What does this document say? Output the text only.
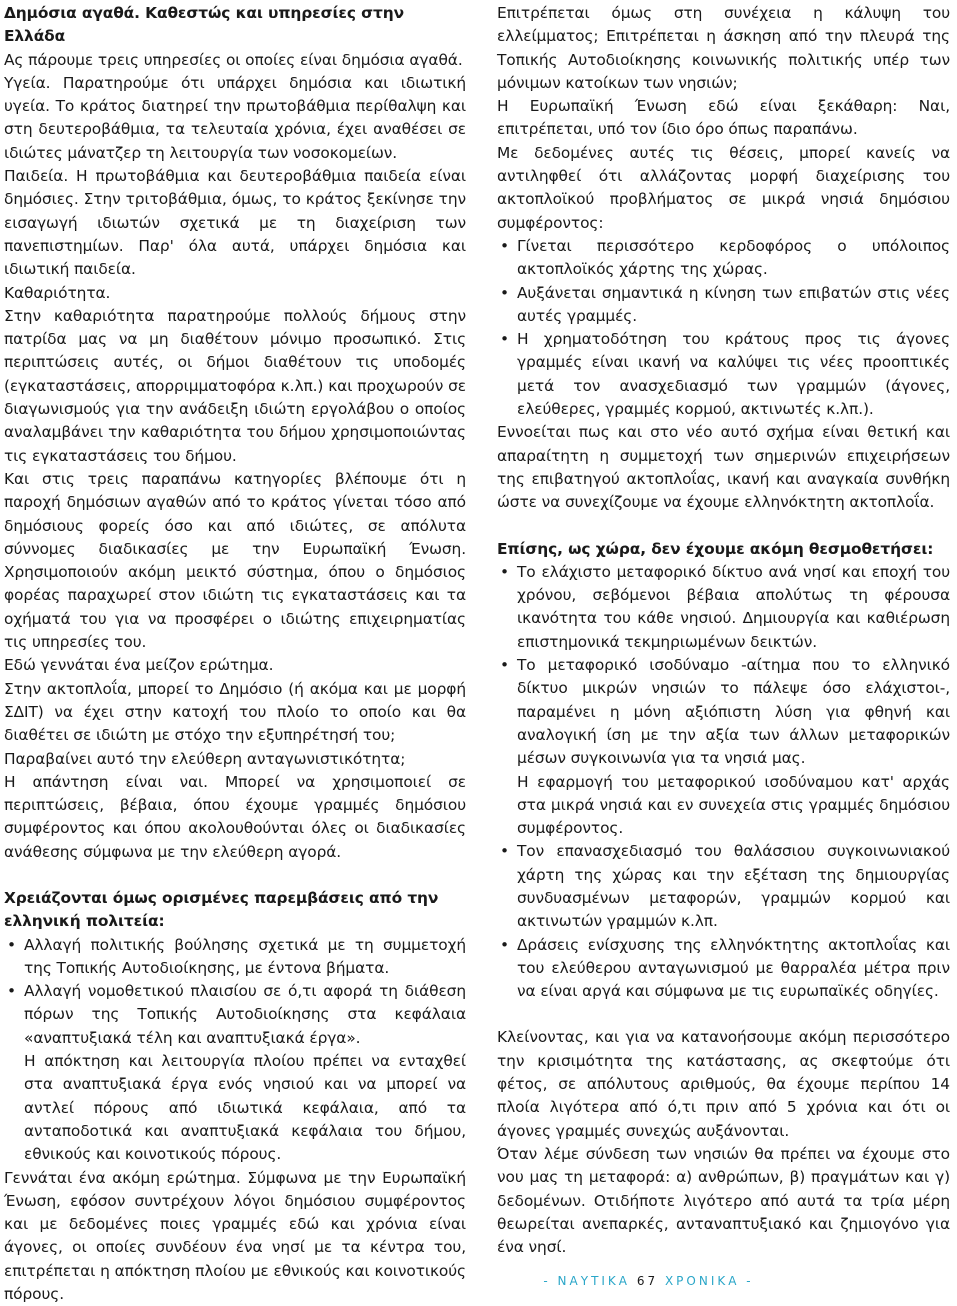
Δημόσια αγαθά. Καθεστώς και υπηρεσίες στην Ελλάδα

Ας πάρουμε τρεις υπηρεσίες οι οποίες είναι δημόσια αγαθά.

Υγεία. Παρατηρούμε ότι υπάρχει δημόσια και ιδιωτική υγεία. Το κράτος διατηρεί την πρωτοβάθμια περίθαλψη και στη δευτεροβάθμια, τα τελευταία χρόνια, έχει αναθέσει σε ιδιώτες μάνατζερ τη λειτουργία των νοσοκομείων.

Παιδεία. Η πρωτοβάθμια και δευτεροβάθμια παιδεία είναι δημόσιες. Στην τριτοβάθμια, όμως, το κράτος ξεκίνησε την εισαγωγή ιδιωτών σχετικά με τη διαχείριση των πανεπιστημίων. Παρ' όλα αυτά, υπάρχει δημόσια και ιδιωτική παιδεία.

Καθαριότητα.

Στην καθαριότητα παρατηρούμε πολλούς δήμους στην πατρίδα μας να μη διαθέτουν μόνιμο προσωπικό. Στις περιπτώσεις αυτές, οι δήμοι διαθέτουν τις υποδομές (εγκαταστάσεις, απορριμματοφόρα κ.λπ.) και προχωρούν σε διαγωνισμούς για την ανάδειξη ιδιώτη εργολάβου ο οποίος αναλαμβάνει την καθαριότητα του δήμου χρησιμοποιώντας τις εγκαταστάσεις του δήμου.

Και στις τρεις παραπάνω κατηγορίες βλέπουμε ότι η παροχή δημόσιων αγαθών από το κράτος γίνεται τόσο από δημόσιους φορείς όσο και από ιδιώτες, σε απόλυτα σύννομες διαδικασίες με την Ευρωπαϊκή Ένωση. Χρησιμοποιούν ακόμη μεικτό σύστημα, όπου ο δημόσιος φορέας παραχωρεί στον ιδιώτη τις εγκαταστάσεις και τα οχήματά του για να προσφέρει ο ιδιώτης επιχειρηματίας τις υπηρεσίες του.

Εδώ γεννάται ένα μείζον ερώτημα.

Στην ακτοπλοΐα, μπορεί το Δημόσιο (ή ακόμα και με μορφή ΣΔΙΤ) να έχει στην κατοχή του πλοίο το οποίο και θα διαθέτει σε ιδιώτη με στόχο την εξυπηρέτησή του;

Παραβαίνει αυτό την ελεύθερη ανταγωνιστικότητα;

Η απάντηση είναι ναι. Μπορεί να χρησιμοποιεί σε περιπτώσεις, βέβαια, όπου έχουμε γραμμές δημόσιου συμφέροντος και όπου ακολουθούνται όλες οι διαδικασίες ανάθεσης σύμφωνα με την ελεύθερη αγορά.

Χρειάζονται όμως ορισμένες παρεμβάσεις από την ελληνική πολιτεία:
• Αλλαγή πολιτικής βούλησης σχετικά με τη συμμετοχή της Τοπικής Αυτοδιοίκησης, με έντονα βήματα.
• Αλλαγή νομοθετικού πλαισίου σε ό,τι αφορά τη διάθεση πόρων της Τοπικής Αυτοδιοίκησης στα κεφάλαια «αναπτυξιακά τέλη και αναπτυξιακά έργα».

Η απόκτηση και λειτουργία πλοίου πρέπει να ενταχθεί στα αναπτυξιακά έργα ενός νησιού και να μπορεί να αντλεί πόρους από ιδιωτικά κεφάλαια, από τα ανταποδοτικά και αναπτυξιακά κεφάλαια του δήμου, εθνικούς και κοινοτικούς πόρους.

Γεννάται ένα ακόμη ερώτημα. Σύμφωνα με την Ευρωπαϊκή Ένωση, εφόσον συντρέχουν λόγοι δημόσιου συμφέροντος και με δεδομένες ποιες γραμμές εδώ και χρόνια είναι άγονες, οι οποίες συνδέουν ένα νησί με τα κέντρα του, επιτρέπεται η απόκτηση πλοίου με εθνικούς και κοινοτικούς πόρους.

Επιτρέπεται όμως στη συνέχεια η κάλυψη του ελλείμματος; Επιτρέπεται η άσκηση από την πλευρά της Τοπικής Αυτοδιοίκησης κοινωνικής πολιτικής υπέρ των μόνιμων κατοίκων των νησιών;

Η Ευρωπαϊκή Ένωση εδώ είναι ξεκάθαρη: Ναι, επιτρέπεται, υπό τον ίδιο όρο όπως παραπάνω.

Με δεδομένες αυτές τις θέσεις, μπορεί κανείς να αντιληφθεί ότι αλλάζοντας μορφή διαχείρισης του ακτοπλοϊκού προβλήματος σε μικρά νησιά δημόσιου συμφέροντος:

• Γίνεται περισσότερο κερδοφόρος ο υπόλοιπος ακτοπλοϊκός χάρτης της χώρας.
• Αυξάνεται σημαντικά η κίνηση των επιβατών στις νέες αυτές γραμμές.
• Η χρηματοδότηση του κράτους προς τις άγονες γραμμές είναι ικανή να καλύψει τις νέες προοπτικές μετά τον ανασχεδιασμό των γραμμών (άγονες, ελεύθερες, γραμμές κορμού, ακτινωτές κ.λπ.).

Εννοείται πως και στο νέο αυτό σχήμα είναι θετική και απαραίτητη η συμμετοχή των σημερινών επιχειρήσεων της επιβατηγού ακτοπλοΐας, ικανή και αναγκαία συνθήκη ώστε να συνεχίζουμε να έχουμε ελληνόκτητη ακτοπλοΐα.

Επίσης, ως χώρα, δεν έχουμε ακόμη θεσμοθετήσει:
• Το ελάχιστο μεταφορικό δίκτυο ανά νησί και εποχή του χρόνου, σεβόμενοι βέβαια απολύτως τη φέρουσα ικανότητα του κάθε νησιού. Δημιουργία και καθιέρωση επιστημονικά τεκμηριωμένων δεικτών.
• Το μεταφορικό ισοδύναμο -αίτημα που το ελληνικό δίκτυο μικρών νησιών το πάλεψε όσο ελάχιστοι-, παραμένει η μόνη αξιόπιστη λύση για φθηνή και αναλογική ίση με την αξία των άλλων μεταφορικών μέσων συγκοινωνία για τα νησιά μας.

Η εφαρμογή του μεταφορικού ισοδύναμου κατ' αρχάς στα μικρά νησιά και εν συνεχεία στις γραμμές δημόσιου συμφέροντος.

• Τον επανασχεδιασμό του θαλάσσιου συγκοινωνιακού χάρτη της χώρας και την εξέταση της δημιουργίας συνδυασμένων μεταφορών, γραμμών κορμού και ακτινωτών γραμμών κ.λπ.
• Δράσεις ενίσχυσης της ελληνόκτητης ακτοπλοΐας και του ελεύθερου ανταγωνισμού με θαρραλέα μέτρα πριν να είναι αργά και σύμφωνα με τις ευρωπαϊκές οδηγίες.

Κλείνοντας, και για να κατανοήσουμε ακόμη περισσότερο την κρισιμότητα της κατάστασης, ας σκεφτούμε ότι φέτος, σε απόλυτους αριθμούς, θα έχουμε περίπου 14 πλοία λιγότερα από ό,τι πριν από 5 χρόνια και ότι οι άγονες γραμμές συνεχώς αυξάνονται.

Όταν λέμε σύνδεση των νησιών θα πρέπει να έχουμε στο νου μας τη μεταφορά: α) ανθρώπων, β) πραγμάτων και γ) δεδομένων. Οτιδήποτε λιγότερο από αυτά τα τρία μέρη θεωρείται ανεπαρκές, ανταναπτυξιακό και ζημιογόνο για ένα νησί.

- ΝΑΥΤΙΚΑ 67 ΧΡΟΝΙΚΑ -
